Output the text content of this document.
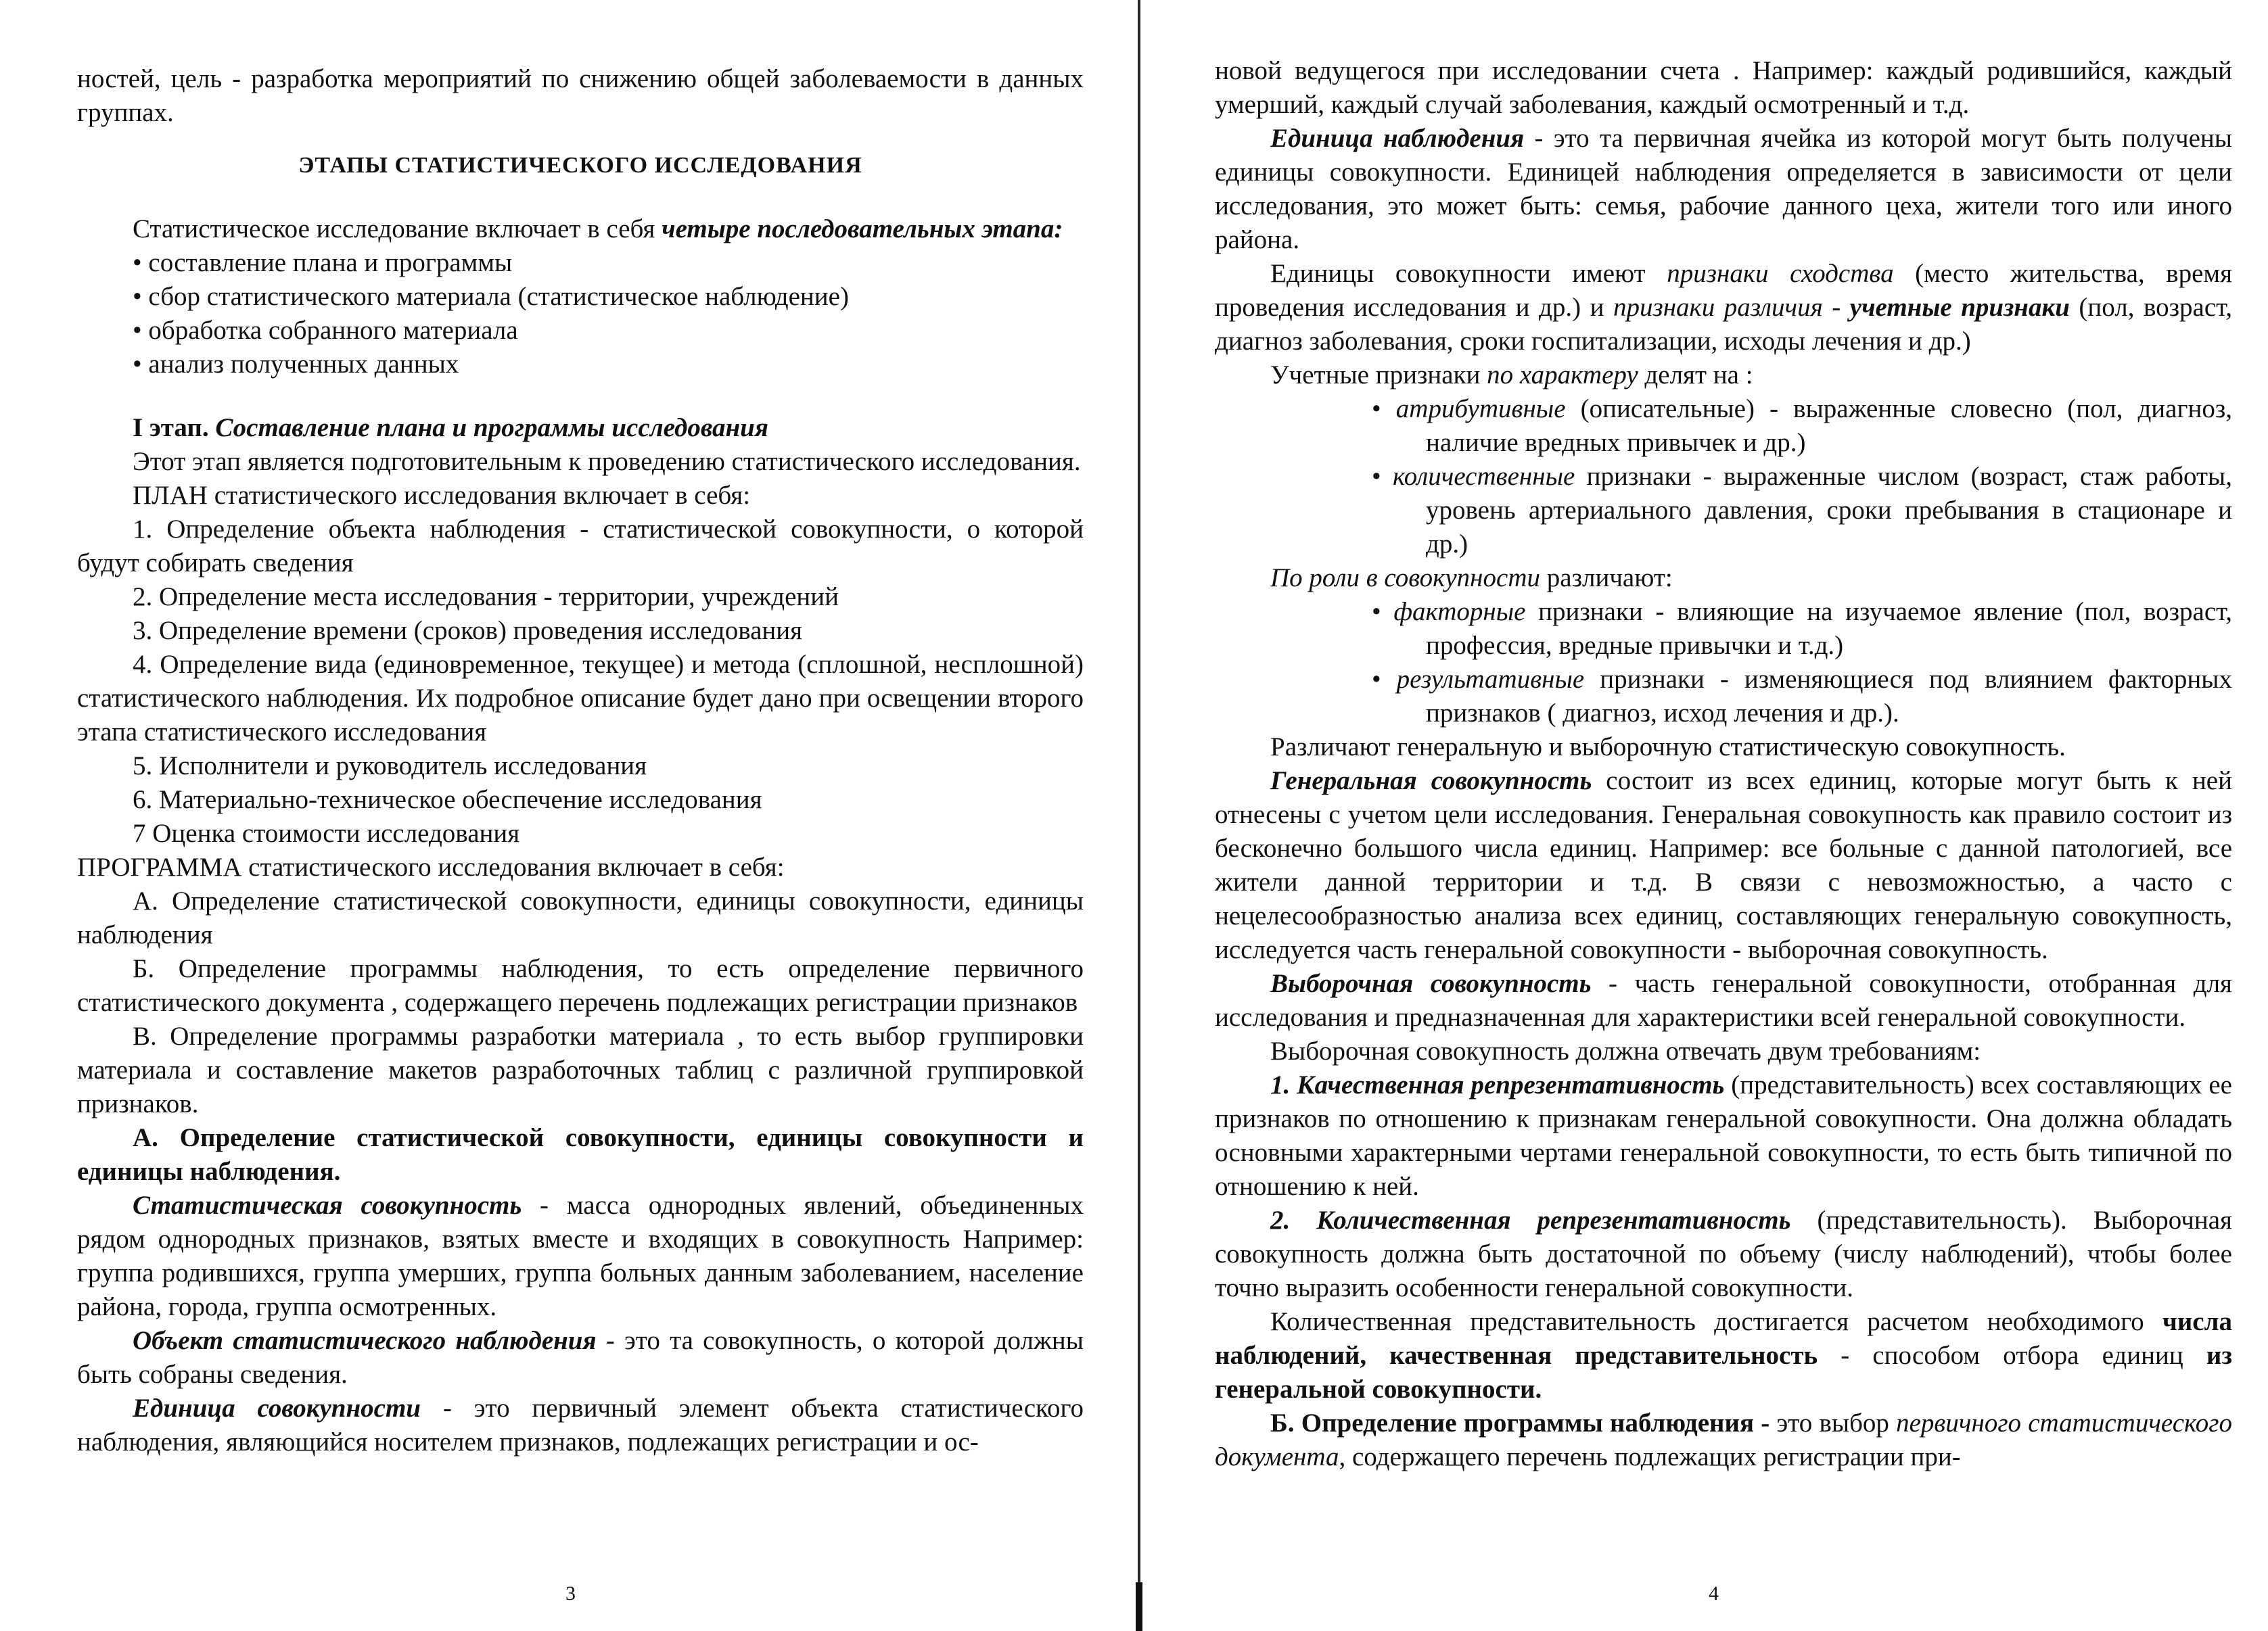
ностей, цель - разработка мероприятий по снижению общей заболеваемости в данных группах.

ЭТАПЫ СТАТИСТИЧЕСКОГО ИССЛЕДОВАНИЯ

Статистическое исследование включает в себя четыре последовательных этапа:

• составление плана и программы

• сбор статистического материала (статистическое наблюдение)

• обработка собранного материала

• анализ полученных данных

I этап. Составление плана и программы исследования

Этот этап является подготовительным к проведению статистического исследования.

ПЛАН статистического исследования включает в себя:

1. Определение объекта наблюдения - статистической совокупности, о которой будут собирать сведения

2. Определение места исследования - территории, учреждений

3. Определение времени (сроков) проведения исследования

4. Определение вида (единовременное, текущее) и метода (сплошной, несплошной) статистического наблюдения. Их подробное описание будет дано при освещении второго этапа статистического исследования

5. Исполнители и руководитель исследования

6. Материально-техническое обеспечение исследования

7 Оценка стоимости исследования

ПРОГРАММА статистического исследования включает в себя:

А. Определение статистической совокупности, единицы совокупности, единицы наблюдения

Б. Определение программы наблюдения, то есть определение первичного статистического документа , содержащего перечень подлежащих регистрации признаков

В. Определение программы разработки материала , то есть выбор группировки материала и составление макетов разработочных таблиц с различной группировкой признаков.

А. Определение статистической совокупности, единицы совокупности и единицы наблюдения.

Статистическая совокупность - масса однородных явлений, объединенных рядом однородных признаков, взятых вместе и входящих в совокупность Например: группа родившихся, группа умерших, группа больных данным заболеванием, население района, города, группа осмотренных.

Объект статистического наблюдения - это та совокупность, о которой должны быть собраны сведения.

Единица совокупности - это первичный элемент объекта статистического наблюдения, являющийся носителем признаков, подлежащих регистрации и ос-

3

новой ведущегося при исследовании счета . Например: каждый родившийся, каждый умерший, каждый случай заболевания, каждый осмотренный и т.д.

Единица наблюдения - это та первичная ячейка из которой могут быть получены единицы совокупности. Единицей наблюдения определяется в зависимости от цели исследования, это может быть: семья, рабочие данного цеха, жители того или иного района.

Единицы совокупности имеют признаки сходства (место жительства, время проведения исследования и др.) и признаки различия - учетные признаки (пол, возраст, диагноз заболевания, сроки госпитализации, исходы лечения и др.)

Учетные признаки по характеру делят на :

• атрибутивные (описательные) - выраженные словесно (пол, диагноз, наличие вредных привычек и др.)

• количественные признаки - выраженные числом (возраст, стаж работы, уровень артериального давления, сроки пребывания в стационаре и др.)

По роли в совокупности различают:

• факторные признаки - влияющие на изучаемое явление (пол, возраст, профессия, вредные привычки и т.д.)

• результативные признаки - изменяющиеся под влиянием факторных признаков ( диагноз, исход лечения и др.).

Различают генеральную и выборочную статистическую совокупность.

Генеральная совокупность состоит из всех единиц, которые могут быть к ней отнесены с учетом цели исследования. Генеральная совокупность как правило состоит из бесконечно большого числа единиц. Например: все больные с данной патологией, все жители данной территории и т.д. В связи с невозможностью, а часто с нецелесообразностью анализа всех единиц, составляющих генеральную совокупность, исследуется часть генеральной совокупности - выборочная совокупность.

Выборочная совокупность - часть генеральной совокупности, отобранная для исследования и предназначенная для характеристики всей генеральной совокупности.

Выборочная совокупность должна отвечать двум требованиям:

1. Качественная репрезентативность (представительность) всех составляющих ее признаков по отношению к признакам генеральной совокупности. Она должна обладать основными характерными чертами генеральной совокупности, то есть быть типичной по отношению к ней.

2. Количественная репрезентативность (представительность). Выборочная совокупность должна быть достаточной по объему (числу наблюдений), чтобы более точно выразить особенности генеральной совокупности.

Количественная представительность достигается расчетом необходимого числа наблюдений, качественная представительность - способом отбора единиц из генеральной совокупности.

Б. Определение программы наблюдения - это выбор первичного статистического документа, содержащего перечень подлежащих регистрации при-

4
